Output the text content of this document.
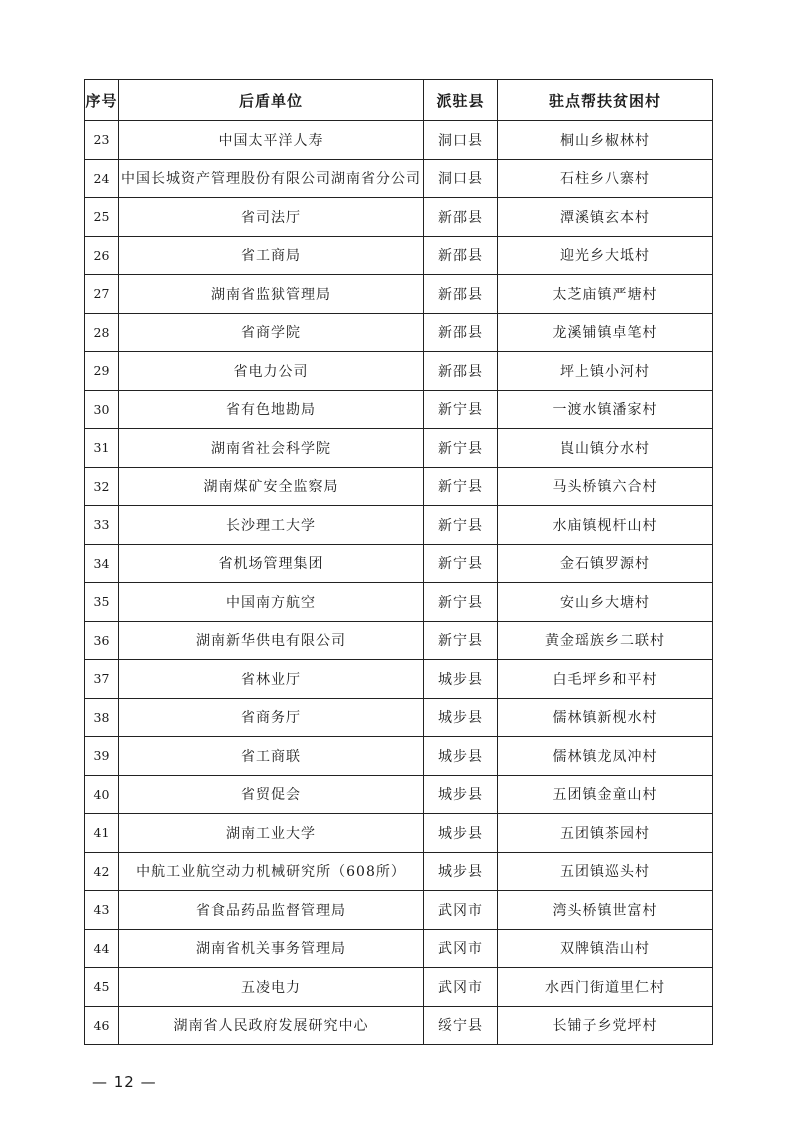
序号	后盾单位	派驻县	驻点帮扶贫困村
23	中国太平洋人寿	洞口县	桐山乡椒林村
24	中国长城资产管理股份有限公司湖南省分公司	洞口县	石柱乡八寨村
25	省司法厅	新邵县	潭溪镇玄本村
26	省工商局	新邵县	迎光乡大坻村
27	湖南省监狱管理局	新邵县	太芝庙镇严塘村
28	省商学院	新邵县	龙溪铺镇卓笔村
29	省电力公司	新邵县	坪上镇小河村
30	省有色地勘局	新宁县	一渡水镇潘家村
31	湖南省社会科学院	新宁县	崀山镇分水村
32	湖南煤矿安全监察局	新宁县	马头桥镇六合村
33	长沙理工大学	新宁县	水庙镇枧杆山村
34	省机场管理集团	新宁县	金石镇罗源村
35	中国南方航空	新宁县	安山乡大塘村
36	湖南新华供电有限公司	新宁县	黄金瑶族乡二联村
37	省林业厅	城步县	白毛坪乡和平村
38	省商务厅	城步县	儒林镇新枧水村
39	省工商联	城步县	儒林镇龙凤冲村
40	省贸促会	城步县	五团镇金童山村
41	湖南工业大学	城步县	五团镇茶园村
42	中航工业航空动力机械研究所（608所）	城步县	五团镇巡头村
43	省食品药品监督管理局	武冈市	湾头桥镇世富村
44	湖南省机关事务管理局	武冈市	双牌镇浩山村
45	五凌电力	武冈市	水西门街道里仁村
46	湖南省人民政府发展研究中心	绥宁县	长铺子乡党坪村
— 12 —
